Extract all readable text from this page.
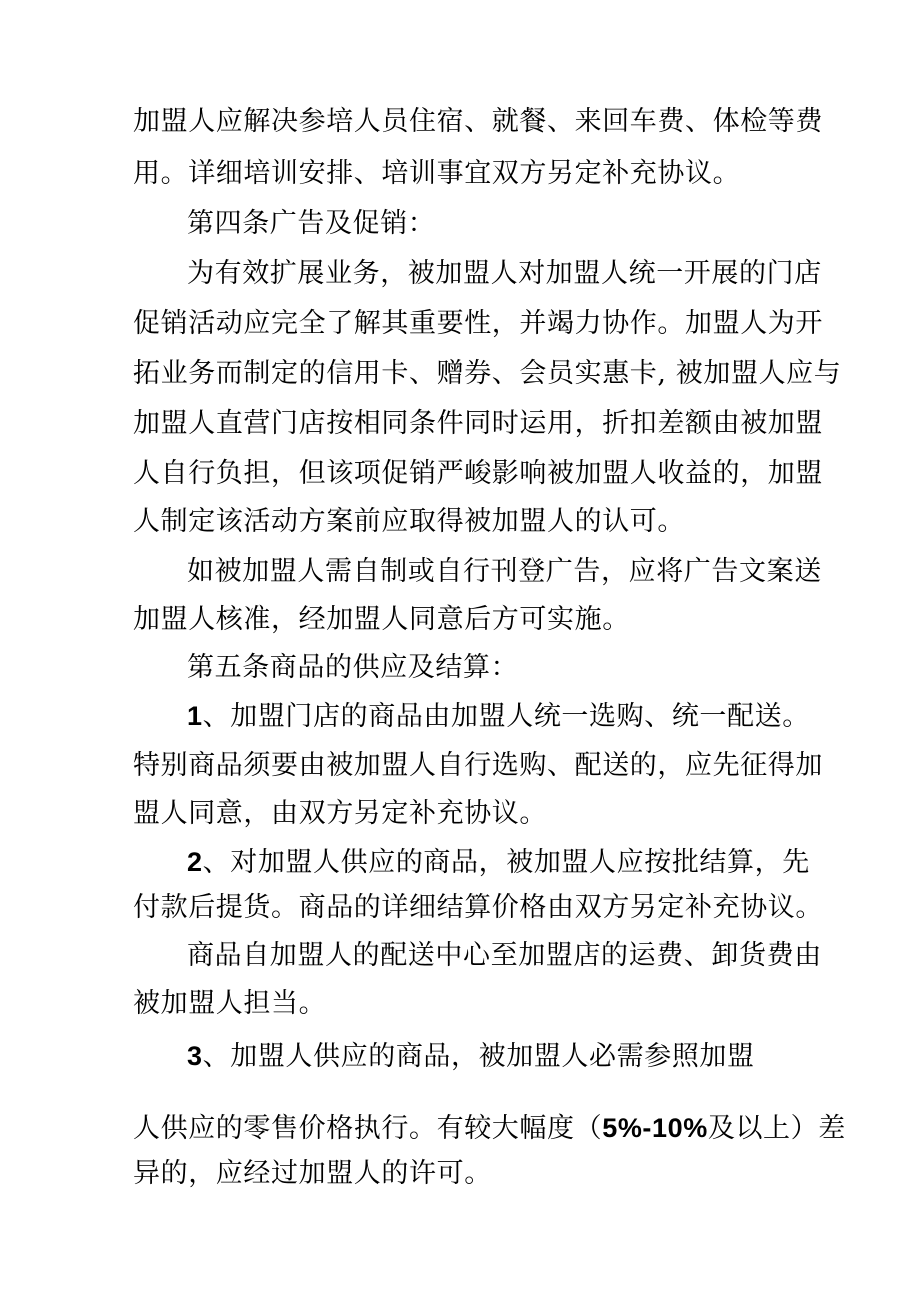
加盟人应解决参培人员住宿、就餐、来回车费、体检等费
用。详细培训安排、培训事宜双方另定补充协议。
第四条广告及促销：
为有效扩展业务，被加盟人对加盟人统一开展的门店
促销活动应完全了解其重要性，并竭力协作。加盟人为开
拓业务而制定的信用卡、赠券、会员实惠卡, 被加盟人应与
加盟人直营门店按相同条件同时运用，折扣差额由被加盟
人自行负担，但该项促销严峻影响被加盟人收益的，加盟
人制定该活动方案前应取得被加盟人的认可。
如被加盟人需自制或自行刊登广告，应将广告文案送
加盟人核准，经加盟人同意后方可实施。
第五条商品的供应及结算：
1、加盟门店的商品由加盟人统一选购、统一配送。
特别商品须要由被加盟人自行选购、配送的，应先征得加
盟人同意，由双方另定补充协议。
2、对加盟人供应的商品，被加盟人应按批结算，先
付款后提货。商品的详细结算价格由双方另定补充协议。
商品自加盟人的配送中心至加盟店的运费、卸货费由
被加盟人担当。
3、加盟人供应的商品，被加盟人必需参照加盟
人供应的零售价格执行。有较大幅度（5%-10%及以上）差
异的，应经过加盟人的许可。
